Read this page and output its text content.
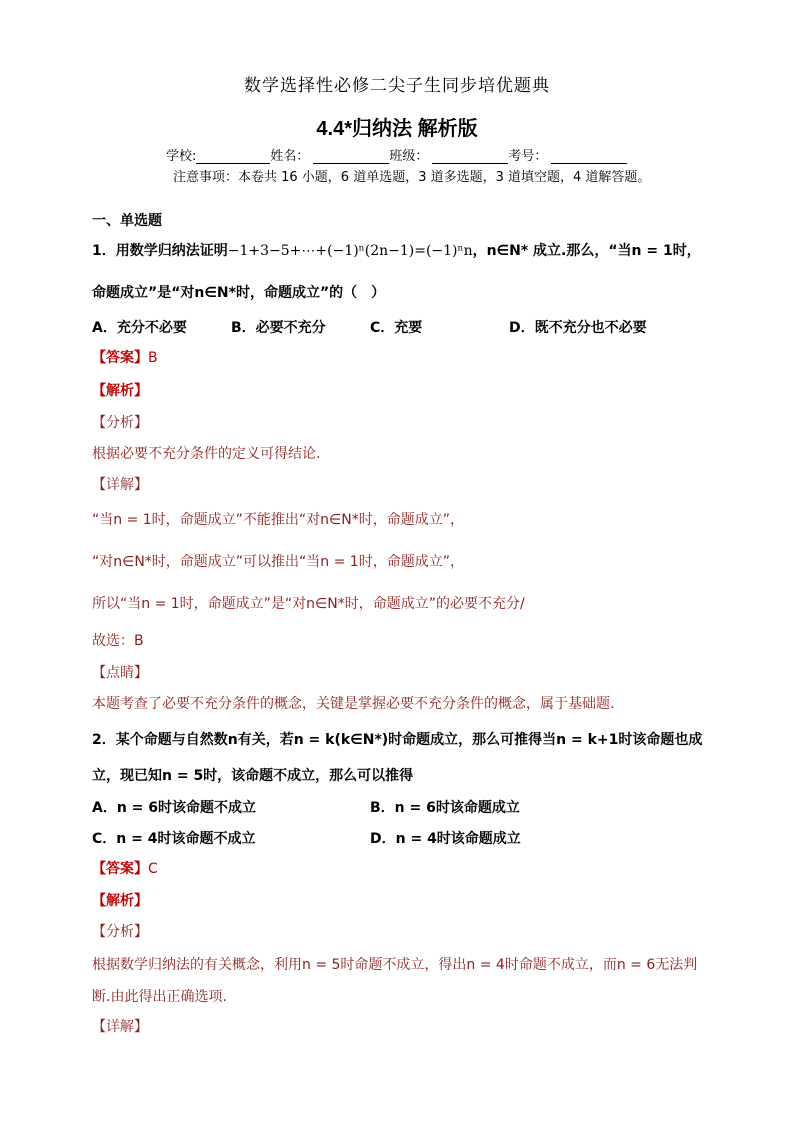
数学选择性必修二尖子生同步培优题典
4.4*归纳法 解析版
学校:	姓名：	班级：	考号：
注意事项：本卷共 16 小题，6 道单选题，3 道多选题，3 道填空题，4 道解答题。
一、单选题
1．用数学归纳法证明−1+3−5+⋯+(−1)ⁿ(2n−1)=(−1)ⁿn，n∈N* 成立.那么，“当n = 1时，
命题成立”是“对n∈N*时，命题成立”的（　）
A．充分不必要	B．必要不充分	C．充要	D．既不充分也不必要
【答案】B
【解析】
【分析】
根据必要不充分条件的定义可得结论.
【详解】
“当n = 1时，命题成立”不能推出“对n∈N*时，命题成立”，
“对n∈N*时，命题成立”可以推出“当n = 1时，命题成立”，
所以“当n = 1时，命题成立”是“对n∈N*时，命题成立”的必要不充分/
故选：B
【点睛】
本题考查了必要不充分条件的概念，关键是掌握必要不充分条件的概念，属于基础题.
2．某个命题与自然数n有关，若n = k(k∈N*)时命题成立，那么可推得当n = k+1时该命题也成
立，现已知n = 5时，该命题不成立，那么可以推得
A．n = 6时该命题不成立	B．n = 6时该命题成立
C．n = 4时该命题不成立	D．n = 4时该命题成立
【答案】C
【解析】
【分析】
根据数学归纳法的有关概念，利用n = 5时命题不成立，得出n = 4时命题不成立，而n = 6无法判
断.由此得出正确选项.
【详解】
